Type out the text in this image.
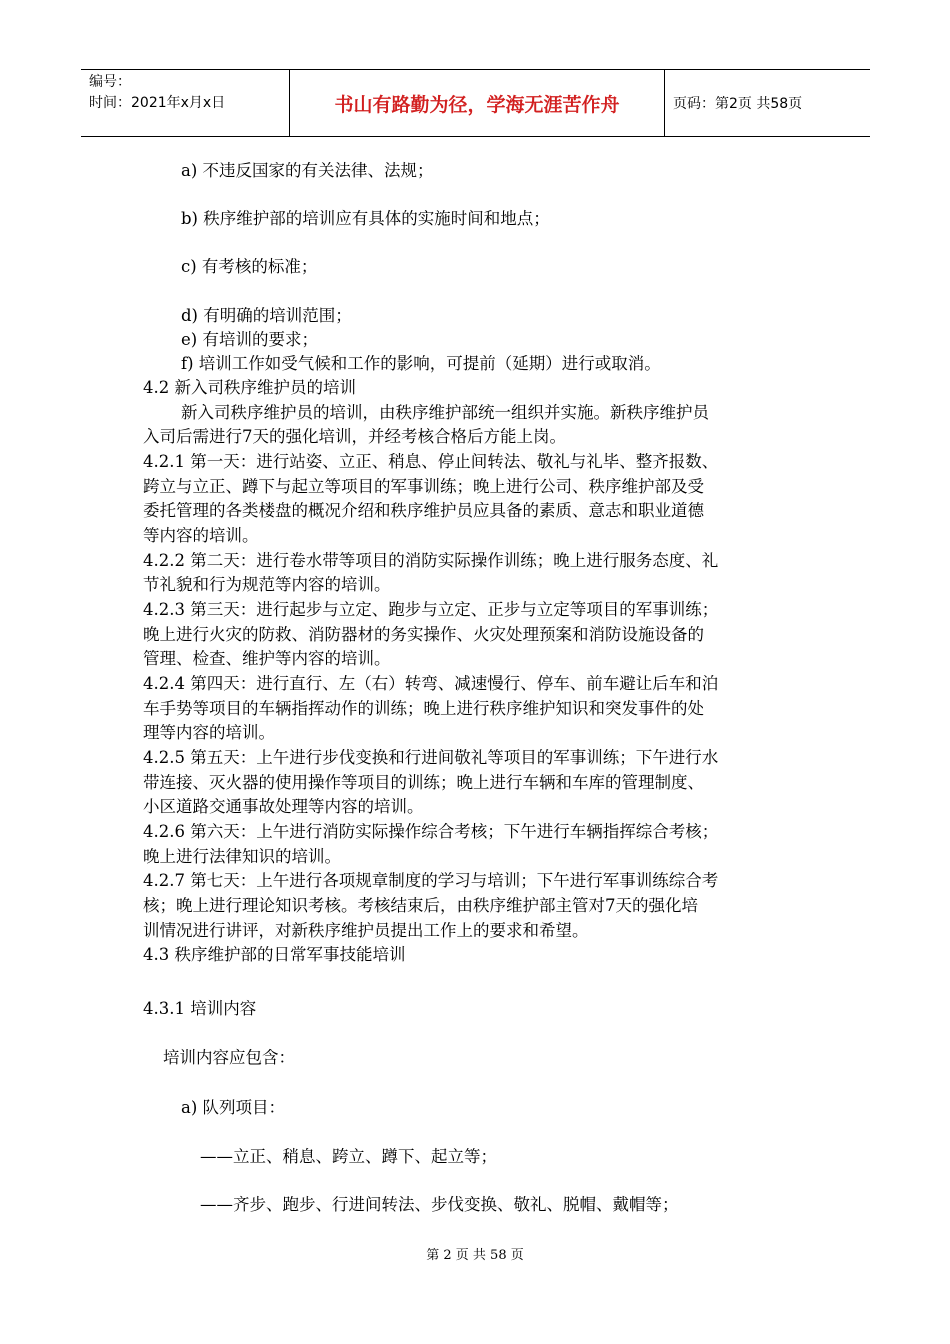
编号：
时间：2021年x月x日	书山有路勤为径，学海无涯苦作舟	页码：第2页 共58页
a) 不违反国家的有关法律、法规；
b) 秩序维护部的培训应有具体的实施时间和地点；
c) 有考核的标准；
d) 有明确的培训范围；
e) 有培训的要求；
f) 培训工作如受气候和工作的影响，可提前（延期）进行或取消。
4.2 新入司秩序维护员的培训
新入司秩序维护员的培训，由秩序维护部统一组织并实施。新秩序维护员
入司后需进行7天的强化培训，并经考核合格后方能上岗。
4.2.1 第一天：进行站姿、立正、稍息、停止间转法、敬礼与礼毕、整齐报数、
跨立与立正、蹲下与起立等项目的军事训练；晚上进行公司、秩序维护部及受
委托管理的各类楼盘的概况介绍和秩序维护员应具备的素质、意志和职业道德
等内容的培训。
4.2.2 第二天：进行卷水带等项目的消防实际操作训练；晚上进行服务态度、礼
节礼貌和行为规范等内容的培训。
4.2.3 第三天：进行起步与立定、跑步与立定、正步与立定等项目的军事训练；
晚上进行火灾的防救、消防器材的务实操作、火灾处理预案和消防设施设备的
管理、检查、维护等内容的培训。
4.2.4 第四天：进行直行、左（右）转弯、减速慢行、停车、前车避让后车和泊
车手势等项目的车辆指挥动作的训练；晚上进行秩序维护知识和突发事件的处
理等内容的培训。
4.2.5 第五天：上午进行步伐变换和行进间敬礼等项目的军事训练；下午进行水
带连接、灭火器的使用操作等项目的训练；晚上进行车辆和车库的管理制度、
小区道路交通事故处理等内容的培训。
4.2.6 第六天：上午进行消防实际操作综合考核；下午进行车辆指挥综合考核；
晚上进行法律知识的培训。
4.2.7 第七天：上午进行各项规章制度的学习与培训；下午进行军事训练综合考
核；晚上进行理论知识考核。考核结束后，由秩序维护部主管对7天的强化培
训情况进行讲评，对新秩序维护员提出工作上的要求和希望。
4.3 秩序维护部的日常军事技能培训
4.3.1 培训内容
培训内容应包含：
a) 队列项目：
——立正、稍息、跨立、蹲下、起立等；
——齐步、跑步、行进间转法、步伐变换、敬礼、脱帽、戴帽等；
第 2 页 共 58 页
